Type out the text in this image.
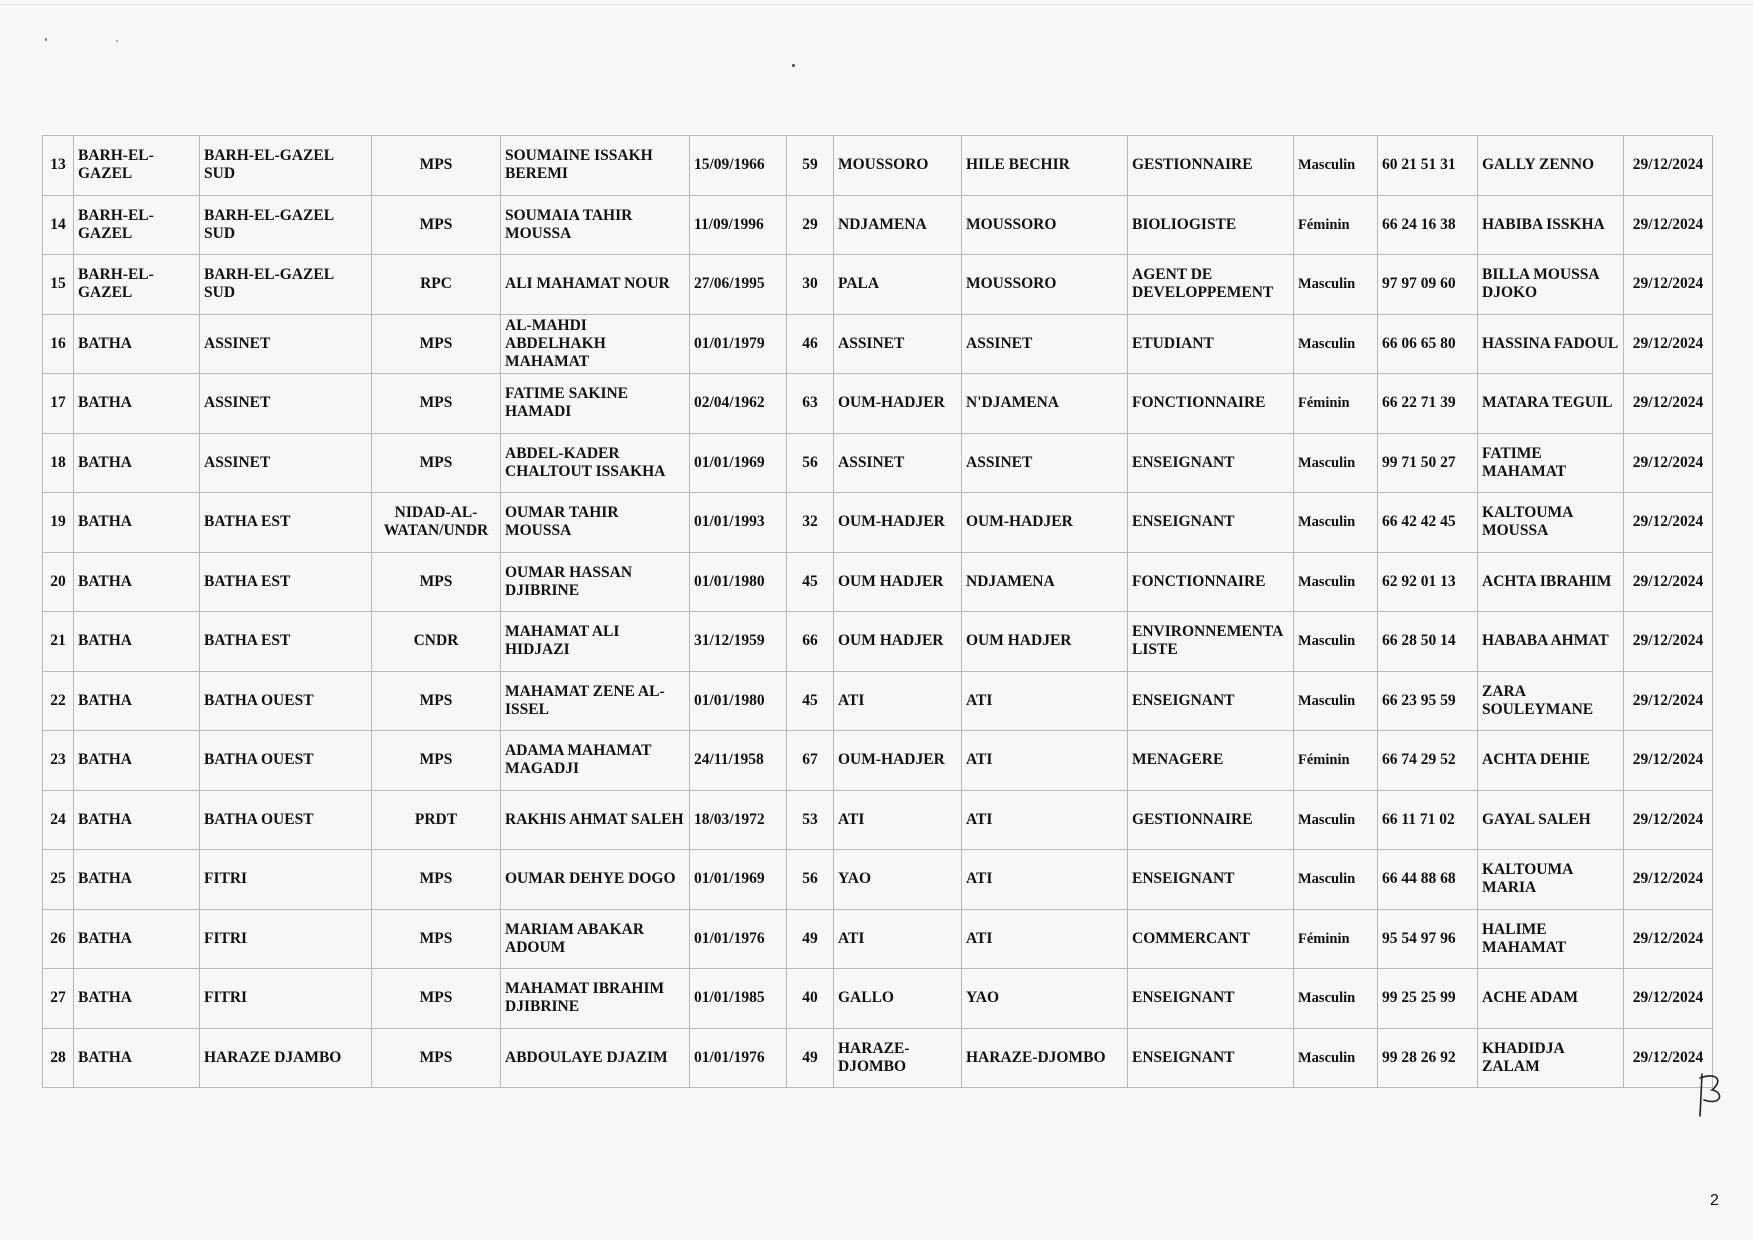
13	BARH-EL-GAZEL	BARH-EL-GAZEL SUD	MPS	SOUMAINE ISSAKH BEREMI	15/09/1966	59	MOUSSORO	HILE BECHIR	GESTIONNAIRE	Masculin	60 21 51 31	GALLY ZENNO	29/12/2024
14	BARH-EL-GAZEL	BARH-EL-GAZEL SUD	MPS	SOUMAIA TAHIR MOUSSA	11/09/1996	29	NDJAMENA	MOUSSORO	BIOLIOGISTE	Féminin	66 24 16 38	HABIBA ISSKHA	29/12/2024
15	BARH-EL-GAZEL	BARH-EL-GAZEL SUD	RPC	ALI MAHAMAT NOUR	27/06/1995	30	PALA	MOUSSORO	AGENT DE DEVELOPPEMENT	Masculin	97 97 09 60	BILLA MOUSSA DJOKO	29/12/2024
16	BATHA	ASSINET	MPS	AL-MAHDI ABDELHAKH MAHAMAT	01/01/1979	46	ASSINET	ASSINET	ETUDIANT	Masculin	66 06 65 80	HASSINA FADOUL	29/12/2024
17	BATHA	ASSINET	MPS	FATIME SAKINE HAMADI	02/04/1962	63	OUM-HADJER	N'DJAMENA	FONCTIONNAIRE	Féminin	66 22 71 39	MATARA TEGUIL	29/12/2024
18	BATHA	ASSINET	MPS	ABDEL-KADER CHALTOUT ISSAKHA	01/01/1969	56	ASSINET	ASSINET	ENSEIGNANT	Masculin	99 71 50 27	FATIME MAHAMAT	29/12/2024
19	BATHA	BATHA EST	NIDAD-AL-WATAN/UNDR	OUMAR TAHIR MOUSSA	01/01/1993	32	OUM-HADJER	OUM-HADJER	ENSEIGNANT	Masculin	66 42 42 45	KALTOUMA MOUSSA	29/12/2024
20	BATHA	BATHA EST	MPS	OUMAR HASSAN DJIBRINE	01/01/1980	45	OUM HADJER	NDJAMENA	FONCTIONNAIRE	Masculin	62 92 01 13	ACHTA IBRAHIM	29/12/2024
21	BATHA	BATHA EST	CNDR	MAHAMAT ALI HIDJAZI	31/12/1959	66	OUM HADJER	OUM HADJER	ENVIRONNEMENTALISTE	Masculin	66 28 50 14	HABABA AHMAT	29/12/2024
22	BATHA	BATHA OUEST	MPS	MAHAMAT ZENE AL-ISSEL	01/01/1980	45	ATI	ATI	ENSEIGNANT	Masculin	66 23 95 59	ZARA SOULEYMANE	29/12/2024
23	BATHA	BATHA OUEST	MPS	ADAMA MAHAMAT MAGADJI	24/11/1958	67	OUM-HADJER	ATI	MENAGERE	Féminin	66 74 29 52	ACHTA DEHIE	29/12/2024
24	BATHA	BATHA OUEST	PRDT	RAKHIS AHMAT SALEH	18/03/1972	53	ATI	ATI	GESTIONNAIRE	Masculin	66 11 71 02	GAYAL SALEH	29/12/2024
25	BATHA	FITRI	MPS	OUMAR DEHYE DOGO	01/01/1969	56	YAO	ATI	ENSEIGNANT	Masculin	66 44 88 68	KALTOUMA MARIA	29/12/2024
26	BATHA	FITRI	MPS	MARIAM ABAKAR ADOUM	01/01/1976	49	ATI	ATI	COMMERCANT	Féminin	95 54 97 96	HALIME MAHAMAT	29/12/2024
27	BATHA	FITRI	MPS	MAHAMAT IBRAHIM DJIBRINE	01/01/1985	40	GALLO	YAO	ENSEIGNANT	Masculin	99 25 25 99	ACHE ADAM	29/12/2024
28	BATHA	HARAZE DJAMBO	MPS	ABDOULAYE DJAZIM	01/01/1976	49	HARAZE-DJOMBO	HARAZE-DJOMBO	ENSEIGNANT	Masculin	99 28 26 92	KHADIDJA ZALAM	29/12/2024
2
